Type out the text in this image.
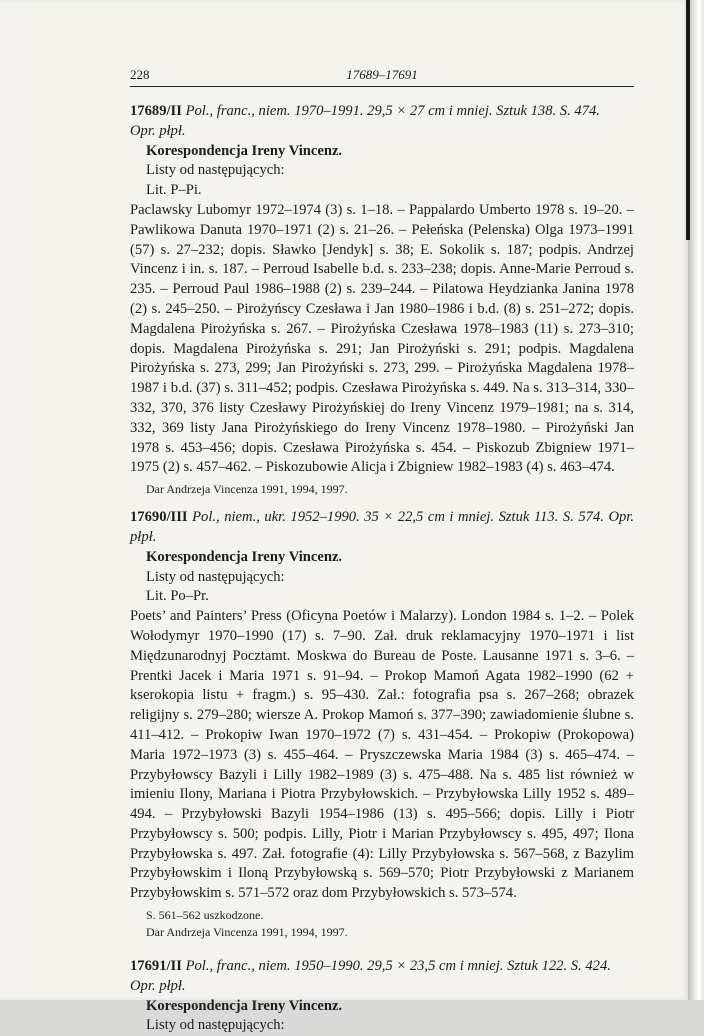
228	17689–17691

17689/II Pol., franc., niem. 1970–1991. 29,5 × 27 cm i mniej. Sztuk 138. S. 474.

Opr. płpł.

Korespondencja Ireny Vincenz.

Listy od następujących:

Lit. P–Pi.

Paclawsky Lubomyr 1972–1974 (3) s. 1–18. – Pappalardo Umberto 1978 s. 19–20. – Pawlikowa Danuta 1970–1971 (2) s. 21–26. – Pełeńska (Pelenska) Olga 1973–1991 (57) s. 27–232; dopis. Sławko [Jendyk] s. 38; E. Sokolik s. 187; podpis. Andrzej Vincenz i in. s. 187. – Perroud Isabelle b.d. s. 233–238; dopis. Anne-Marie Perroud s. 235. – Perroud Paul 1986–1988 (2) s. 239–244. – Pilatowa Heydzianka Janina 1978 (2) s. 245–250. – Pirożyńscy Czesława i Jan 1980–1986 i b.d. (8) s. 251–272; dopis. Magdalena Pirożyńska s. 267. – Pirożyńska Czesława 1978–1983 (11) s. 273–310; dopis. Magdalena Pirożyńska s. 291; Jan Pirożyński s. 291; podpis. Magdalena Pirożyńska s. 273, 299; Jan Pirożyński s. 273, 299. – Pirożyńska Magdalena 1978–1987 i b.d. (37) s. 311–452; podpis. Czesława Pirożyńska s. 449. Na s. 313–314, 330–332, 370, 376 listy Czesławy Pirożyńskiej do Ireny Vincenz 1979–1981; na s. 314, 332, 369 listy Jana Pirożyńskiego do Ireny Vincenz 1978–1980. – Pirożyński Jan 1978 s. 453–456; dopis. Czesława Pirożyńska s. 454. – Piskozub Zbigniew 1971–1975 (2) s. 457–462. – Piskozubowie Alicja i Zbigniew 1982–1983 (4) s. 463–474.

Dar Andrzeja Vincenza 1991, 1994, 1997.

17690/III Pol., niem., ukr. 1952–1990. 35 × 22,5 cm i mniej. Sztuk 113. S. 574. Opr. płpł.

Korespondencja Ireny Vincenz.

Listy od następujących:

Lit. Po–Pr.

Poets’ and Painters’ Press (Oficyna Poetów i Malarzy). London 1984 s. 1–2. – Polek Wołodymyr 1970–1990 (17) s. 7–90. Zał. druk reklamacyjny 1970–1971 i list Międzunarodnyj Pocztamt. Moskwa do Bureau de Poste. Lausanne 1971 s. 3–6. – Prentki Jacek i Maria 1971 s. 91–94. – Prokop Mamoń Agata 1982–1990 (62 + kserokopia listu + fragm.) s. 95–430. Zał.: fotografia psa s. 267–268; obrazek religijny s. 279–280; wiersze A. Prokop Mamoń s. 377–390; zawiadomienie ślubne s. 411–412. – Prokopiw Iwan 1970–1972 (7) s. 431–454. – Prokopiw (Prokopowa) Maria 1972–1973 (3) s. 455–464. – Pryszczewska Maria 1984 (3) s. 465–474. – Przybyłowscy Bazyli i Lilly 1982–1989 (3) s. 475–488. Na s. 485 list również w imieniu Ilony, Mariana i Piotra Przybyłowskich. – Przybyłowska Lilly 1952 s. 489–494. – Przybyłowski Bazyli 1954–1986 (13) s. 495–566; dopis. Lilly i Piotr Przybyłowscy s. 500; podpis. Lilly, Piotr i Marian Przybyłowscy s. 495, 497; Ilona Przybyłowska s. 497. Zał. fotografie (4): Lilly Przybyłowska s. 567–568, z Bazylim Przybyłowskim i Iloną Przybyłowską s. 569–570; Piotr Przybyłowski z Marianem Przybyłowskim s. 571–572 oraz dom Przybyłowskich s. 573–574.

S. 561–562 uszkodzone.

Dar Andrzeja Vincenza 1991, 1994, 1997.

17691/II Pol., franc., niem. 1950–1990. 29,5 × 23,5 cm i mniej. Sztuk 122. S. 424.

Opr. płpł.

Korespondencja Ireny Vincenz.

Listy od następujących:
